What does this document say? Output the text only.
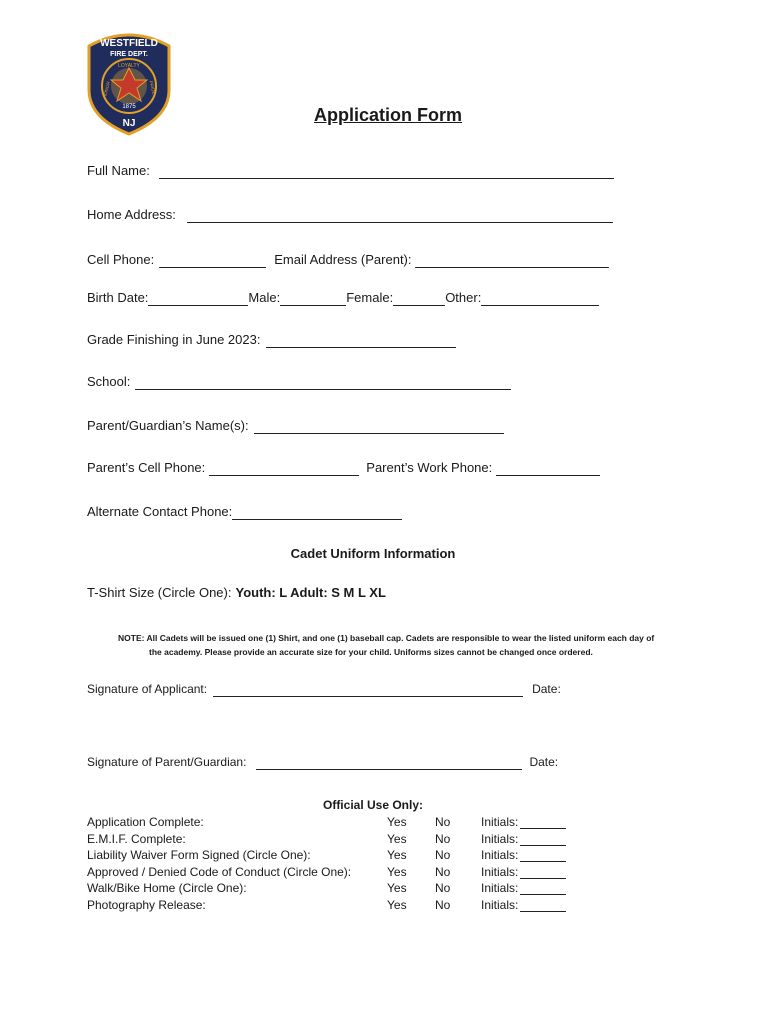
WESTFIELD
FIRE DEPT.
LOYALTY
HONOR	PRIDE
1875
NJ	Application Form
Full Name:
Home Address:
Cell Phone:	Email Address (Parent):
Birth Date:	Male:	Female:	Other:
Grade Finishing in June 2023:
School:
Parent/Guardian’s Name(s):
Parent’s Cell Phone:	Parent’s Work Phone:
Alternate Contact Phone:
Cadet Uniform Information
T-Shirt Size (Circle One): Youth: L Adult: S M L XL
NOTE: All Cadets will be issued one (1) Shirt, and one (1) baseball cap. Cadets are responsible to wear the listed uniform each day of
the academy. Please provide an accurate size for your child. Uniforms sizes cannot be changed once ordered.
Signature of Applicant:	Date:
Signature of Parent/Guardian:	Date:
Official Use Only:
Application Complete:	Yes	No	Initials:
E.M.I.F. Complete:	Yes	No	Initials:
Liability Waiver Form Signed (Circle One):	Yes	No	Initials:
Approved / Denied Code of Conduct (Circle One):	Yes	No	Initials:
Walk/Bike Home (Circle One):	Yes	No	Initials:
Photography Release:	Yes	No	Initials:
